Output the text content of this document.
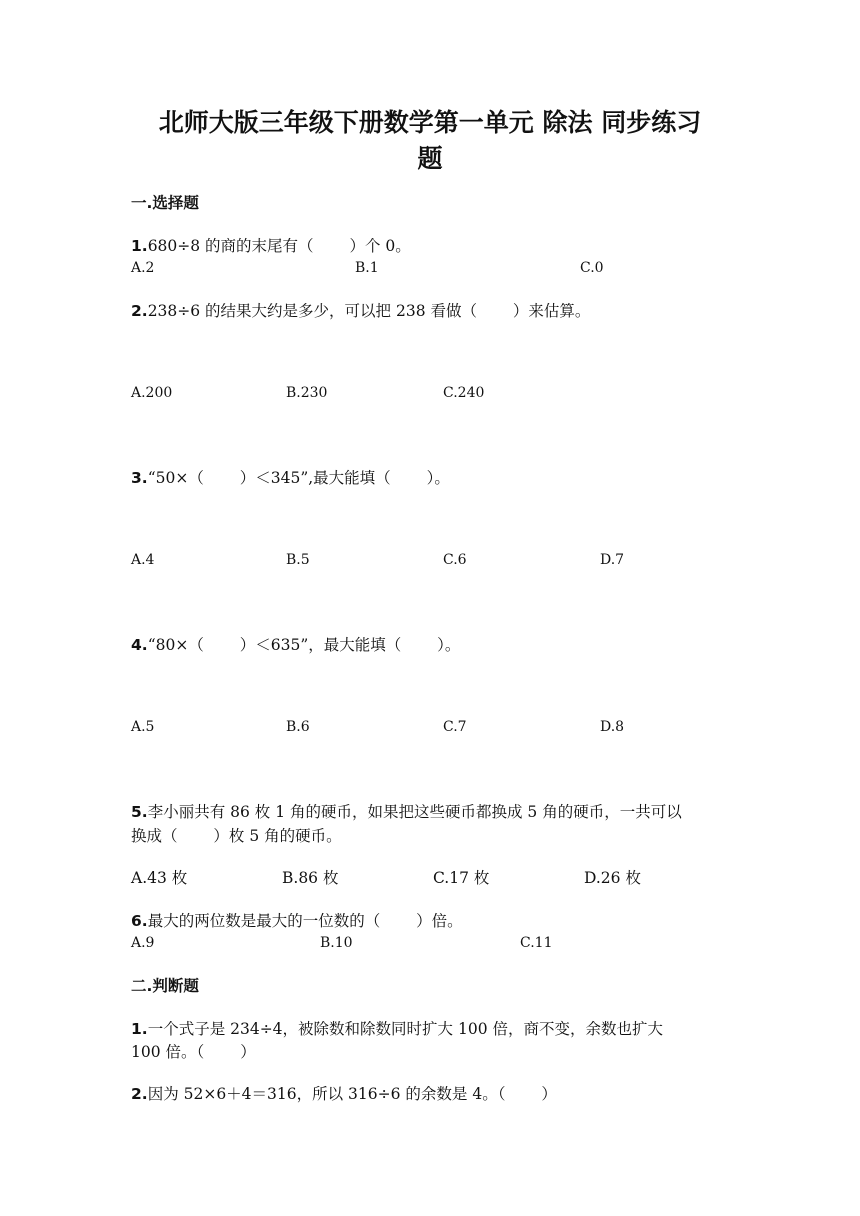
北师大版三年级下册数学第一单元 除法 同步练习
题
一.选择题
1.680÷8 的商的末尾有（　　 ）个 0。
A.2	B.1	C.0
2.238÷6 的结果大约是多少，可以把 238 看做（　　 ）来估算。
A.200	B.230	C.240
3.“50×（　　 ）＜345”,最大能填（　　 ）。
A.4	B.5	C.6	D.7
4.“80×（　　 ）＜635”，最大能填（　　 ）。
A.5	B.6	C.7	D.8
5.李小丽共有 86 枚 1 角的硬币，如果把这些硬币都换成 5 角的硬币，一共可以
换成（　　 ）枚 5 角的硬币。
A.43 枚	B.86 枚	C.17 枚	D.26 枚
6.最大的两位数是最大的一位数的（　　 ）倍。
A.9	B.10	C.11
二.判断题
1.一个式子是 234÷4，被除数和除数同时扩大 100 倍，商不变，余数也扩大
100 倍。（　　 ）
2.因为 52×6＋4＝316，所以 316÷6 的余数是 4。（　　 ）
